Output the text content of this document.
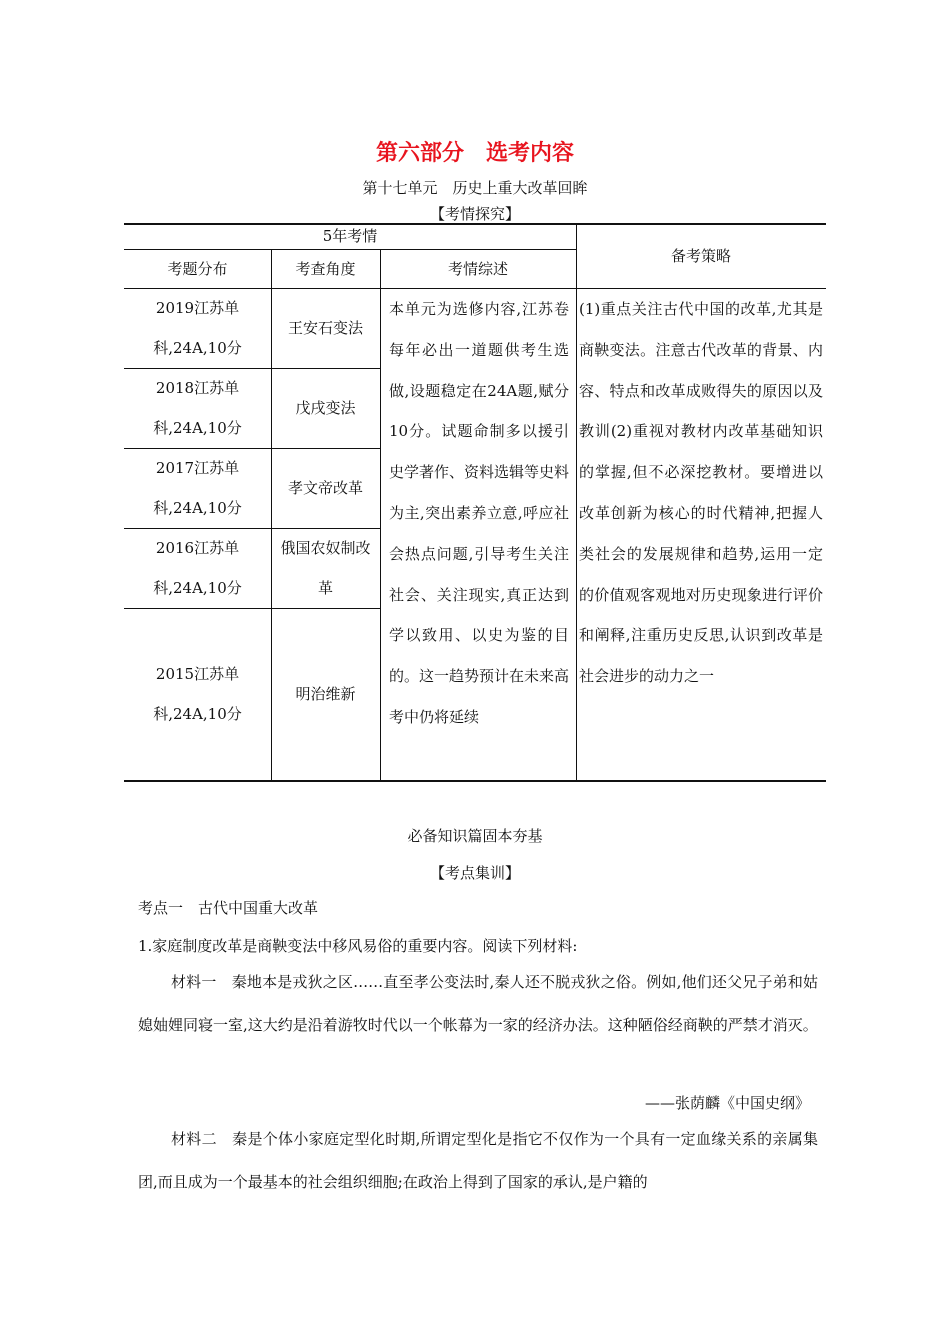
第六部分　选考内容
第十七单元　历史上重大改革回眸
【考情探究】
5年考情
考题分布	考查角度	考情综述
备考策略
2019江苏单
科,24A,10分
2018江苏单
科,24A,10分
2017江苏单
科,24A,10分
2016江苏单
科,24A,10分
2015江苏单
科,24A,10分
王安石变法
戊戌变法
孝文帝改革
俄国农奴制改
革
明治维新
本单元为选修内容,江苏卷每年必出一道题供考生选做,设题稳定在24A题,赋分10分。试题命制多以援引史学著作、资料选辑等史料为主,突出素养立意,呼应社会热点问题,引导考生关注社会、关注现实,真正达到学以致用、以史为鉴的目的。这一趋势预计在未来高考中仍将延续
(1)重点关注古代中国的改革,尤其是商鞅变法。注意古代改革的背景、内容、特点和改革成败得失的原因以及教训(2)重视对教材内改革基础知识的掌握,但不必深挖教材。要增进以改革创新为核心的时代精神,把握人类社会的发展规律和趋势,运用一定的价值观客观地对历史现象进行评价和阐释,注重历史反思,认识到改革是社会进步的动力之一
必备知识篇固本夯基
【考点集训】
考点一　古代中国重大改革
1.家庭制度改革是商鞅变法中移风易俗的重要内容。阅读下列材料:
材料一　秦地本是戎狄之区……直至孝公变法时,秦人还不脱戎狄之俗。例如,他们还父兄子弟和姑媳妯娌同寝一室,这大约是沿着游牧时代以一个帐幕为一家的经济办法。这种陋俗经商鞅的严禁才消灭。
——张荫麟《中国史纲》
材料二　秦是个体小家庭定型化时期,所谓定型化是指它不仅作为一个具有一定血缘关系的亲属集团,而且成为一个最基本的社会组织细胞;在政治上得到了国家的承认,是户籍的
